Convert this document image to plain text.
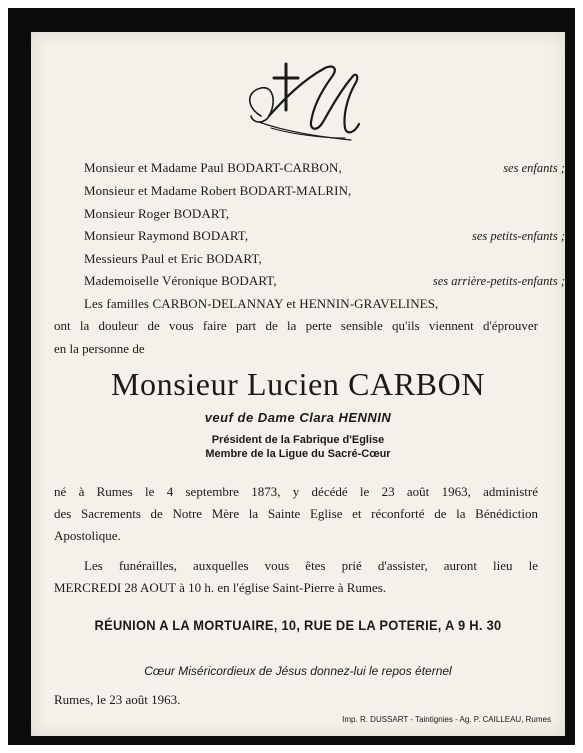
Monsieur et Madame Paul BODART-CARBON,	ses enfants ;
Monsieur et Madame Robert BODART-MALRIN,
Monsieur Roger BODART,
Monsieur Raymond BODART,	ses petits-enfants ;
Messieurs Paul et Eric BODART,
Mademoiselle Véronique BODART,	ses arrière-petits-enfants ;
Les familles CARBON-DELANNAY et HENNIN-GRAVELINES,
ont la douleur de vous faire part de la perte sensible qu'ils viennent d'éprouver
en la personne de
Monsieur Lucien CARBON
veuf de Dame Clara HENNIN
Président de la Fabrique d'Eglise
Membre de la Ligue du Sacré-Cœur
né à Rumes le 4 septembre 1873, y décédé le 23 août 1963, administré
des Sacrements de Notre Mère la Sainte Eglise et réconforté de la Bénédiction
Apostolique.
Les funérailles, auxquelles vous êtes prié d'assister, auront lieu le
MERCREDI 28 AOUT à 10 h. en l'église Saint-Pierre à Rumes.
RÉUNION A LA MORTUAIRE, 10, RUE DE LA POTERIE, A 9 H. 30
Cœur Miséricordieux de Jésus donnez-lui le repos éternel
Rumes, le 23 août 1963.
Imp. R. DUSSART - Taintignies - Ag. P. CAILLEAU, Rumes
